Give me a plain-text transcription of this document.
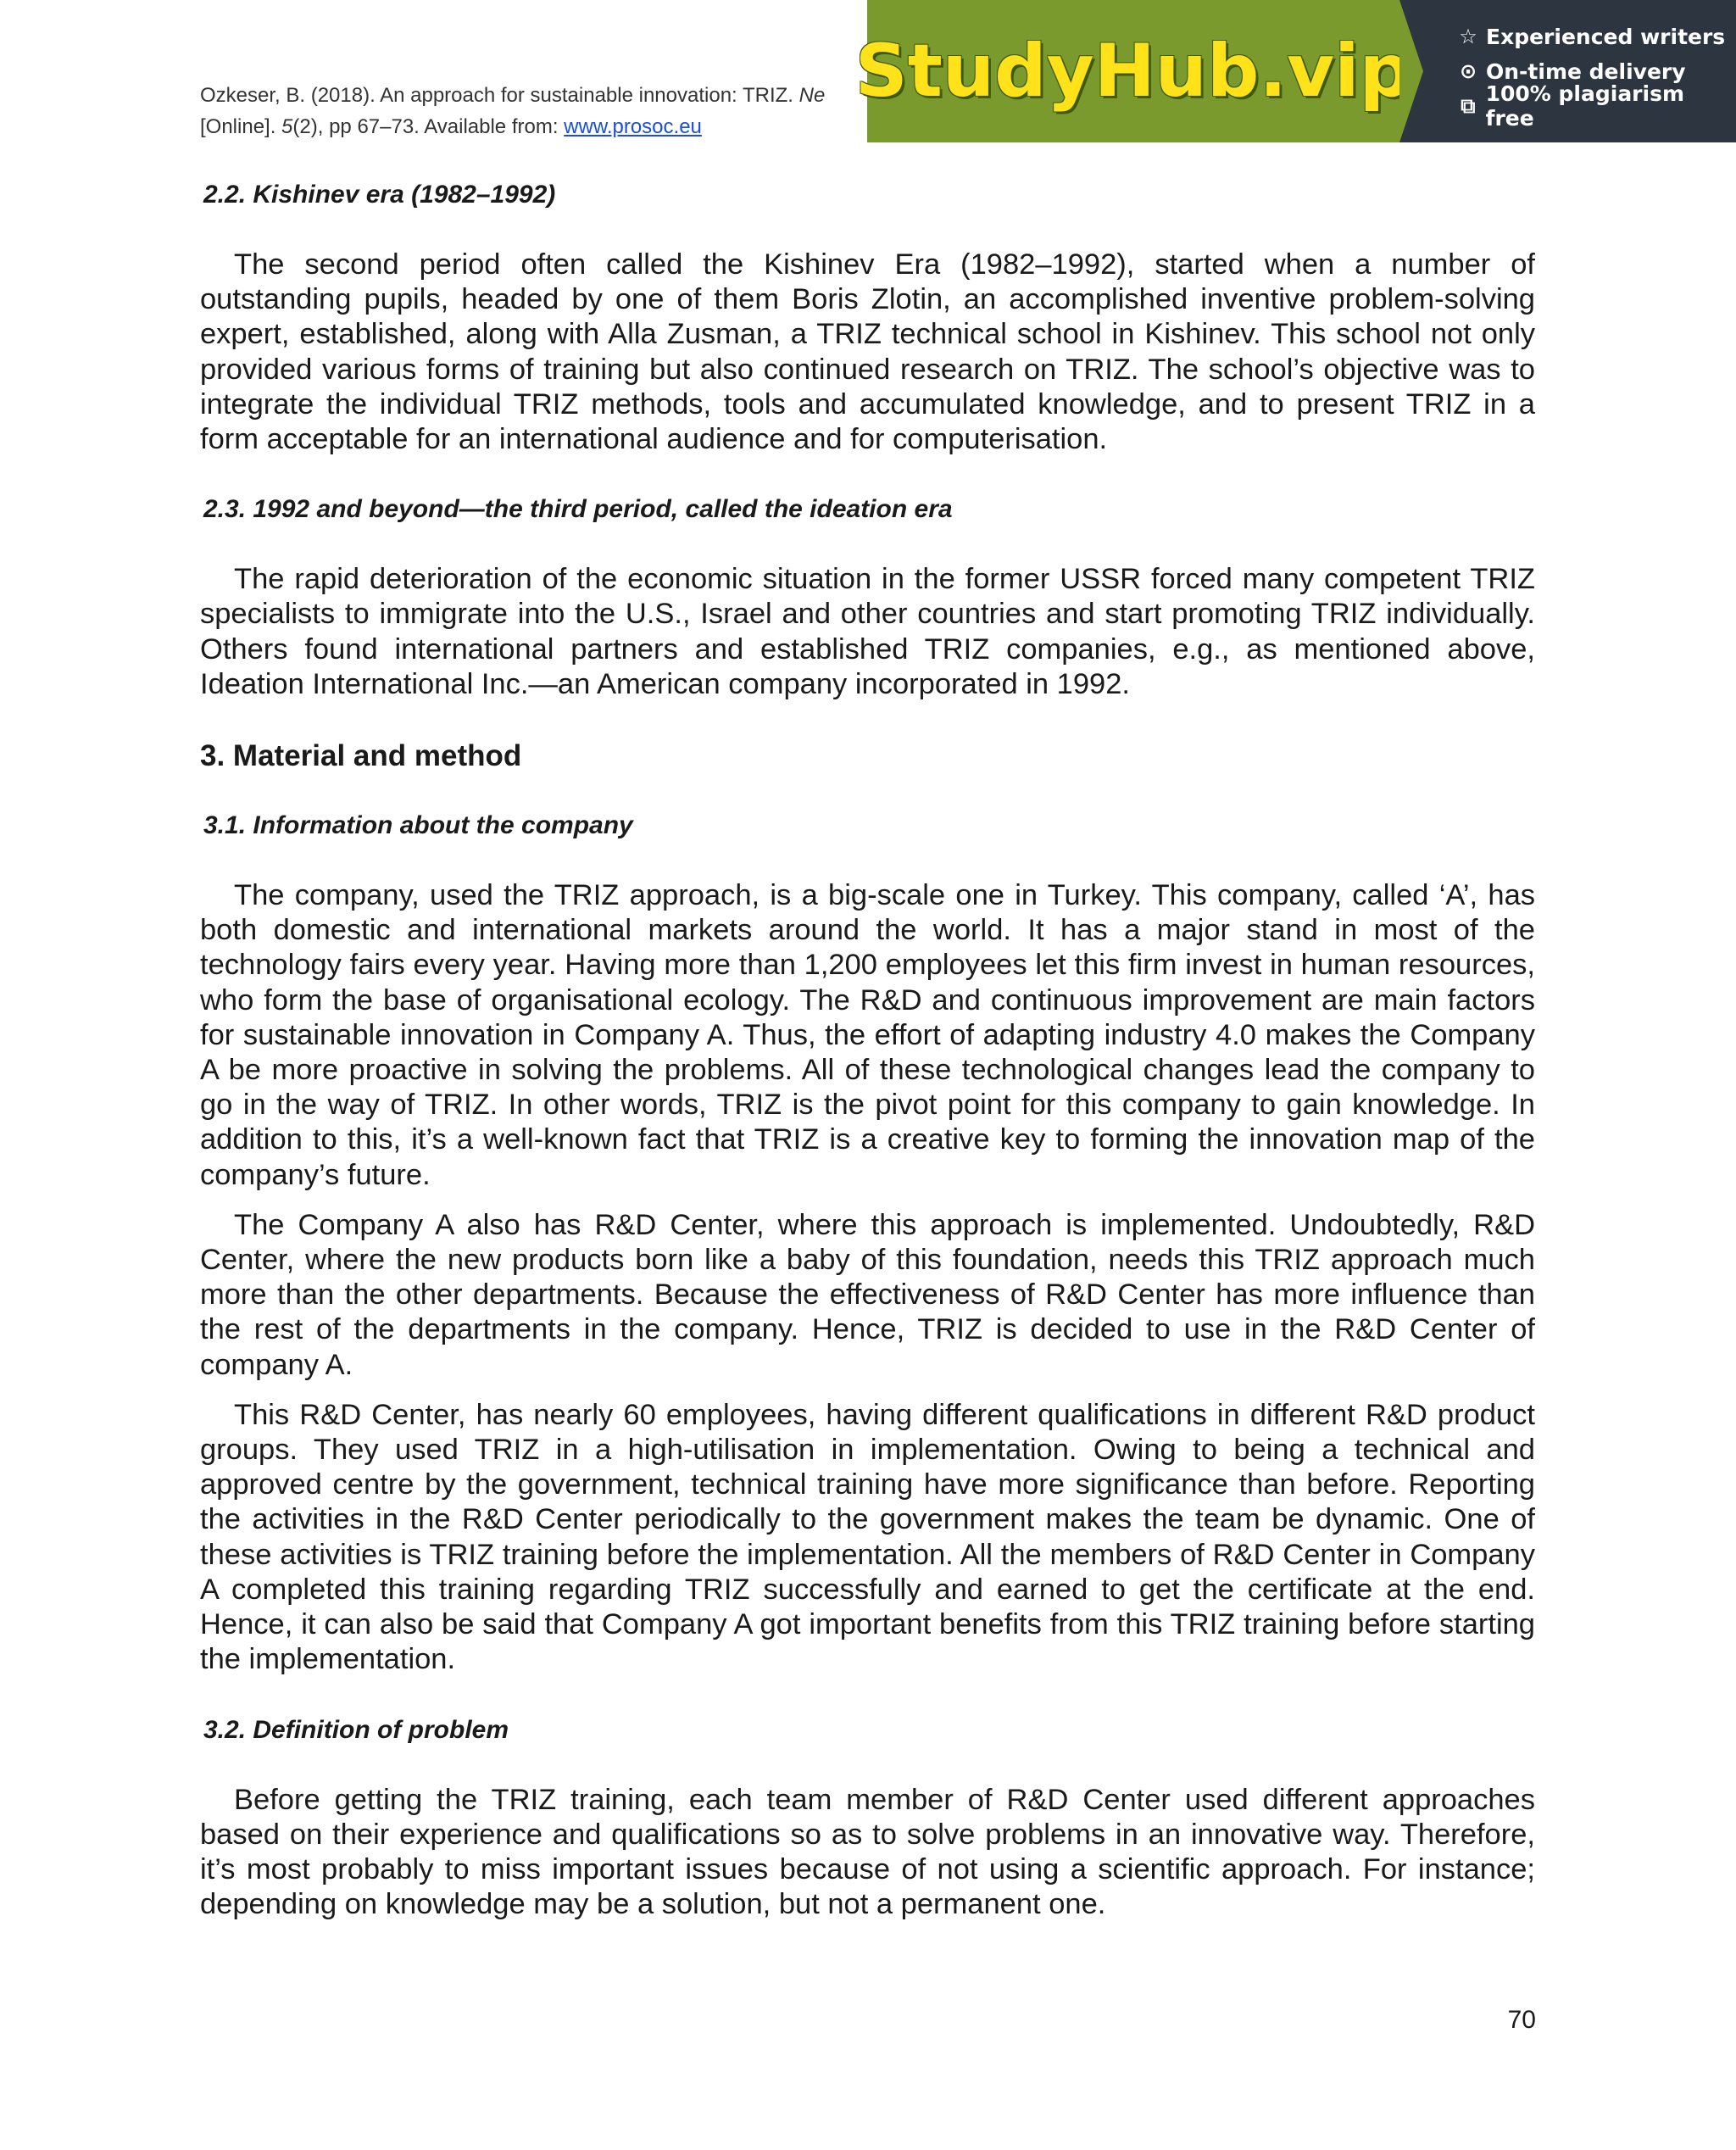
Ozkeser, B. (2018). An approach for sustainable innovation: TRIZ. Ne
[Online]. 5(2), pp 67–73. Available from: www.prosoc.eu
StudyHub.vip ☆ Experienced writers
⊙ On-time delivery
⧉ 100% plagiarism free
2.2. Kishinev era (1982–1992)

The second period often called the Kishinev Era (1982–1992), started when a number of outstanding pupils, headed by one of them Boris Zlotin, an accomplished inventive problem-solving expert, established, along with Alla Zusman, a TRIZ technical school in Kishinev. This school not only provided various forms of training but also continued research on TRIZ. The school’s objective was to integrate the individual TRIZ methods, tools and accumulated knowledge, and to present TRIZ in a form acceptable for an international audience and for computerisation.

2.3. 1992 and beyond—the third period, called the ideation era

The rapid deterioration of the economic situation in the former USSR forced many competent TRIZ specialists to immigrate into the U.S., Israel and other countries and start promoting TRIZ individually. Others found international partners and established TRIZ companies, e.g., as mentioned above, Ideation International Inc.—an American company incorporated in 1992.

3. Material and method
3.1. Information about the company

The company, used the TRIZ approach, is a big-scale one in Turkey. This company, called ‘A’, has both domestic and international markets around the world. It has a major stand in most of the technology fairs every year. Having more than 1,200 employees let this firm invest in human resources, who form the base of organisational ecology. The R&D and continuous improvement are main factors for sustainable innovation in Company A. Thus, the effort of adapting industry 4.0 makes the Company A be more proactive in solving the problems. All of these technological changes lead the company to go in the way of TRIZ. In other words, TRIZ is the pivot point for this company to gain knowledge. In addition to this, it’s a well-known fact that TRIZ is a creative key to forming the innovation map of the company’s future.

The Company A also has R&D Center, where this approach is implemented. Undoubtedly, R&D Center, where the new products born like a baby of this foundation, needs this TRIZ approach much more than the other departments. Because the effectiveness of R&D Center has more influence than the rest of the departments in the company. Hence, TRIZ is decided to use in the R&D Center of company A.

This R&D Center, has nearly 60 employees, having different qualifications in different R&D product groups. They used TRIZ in a high-utilisation in implementation. Owing to being a technical and approved centre by the government, technical training have more significance than before. Reporting the activities in the R&D Center periodically to the government makes the team be dynamic. One of these activities is TRIZ training before the implementation. All the members of R&D Center in Company A completed this training regarding TRIZ successfully and earned to get the certificate at the end. Hence, it can also be said that Company A got important benefits from this TRIZ training before starting the implementation.

3.2. Definition of problem

Before getting the TRIZ training, each team member of R&D Center used different approaches based on their experience and qualifications so as to solve problems in an innovative way. Therefore, it’s most probably to miss important issues because of not using a scientific approach. For instance; depending on knowledge may be a solution, but not a permanent one.

70
